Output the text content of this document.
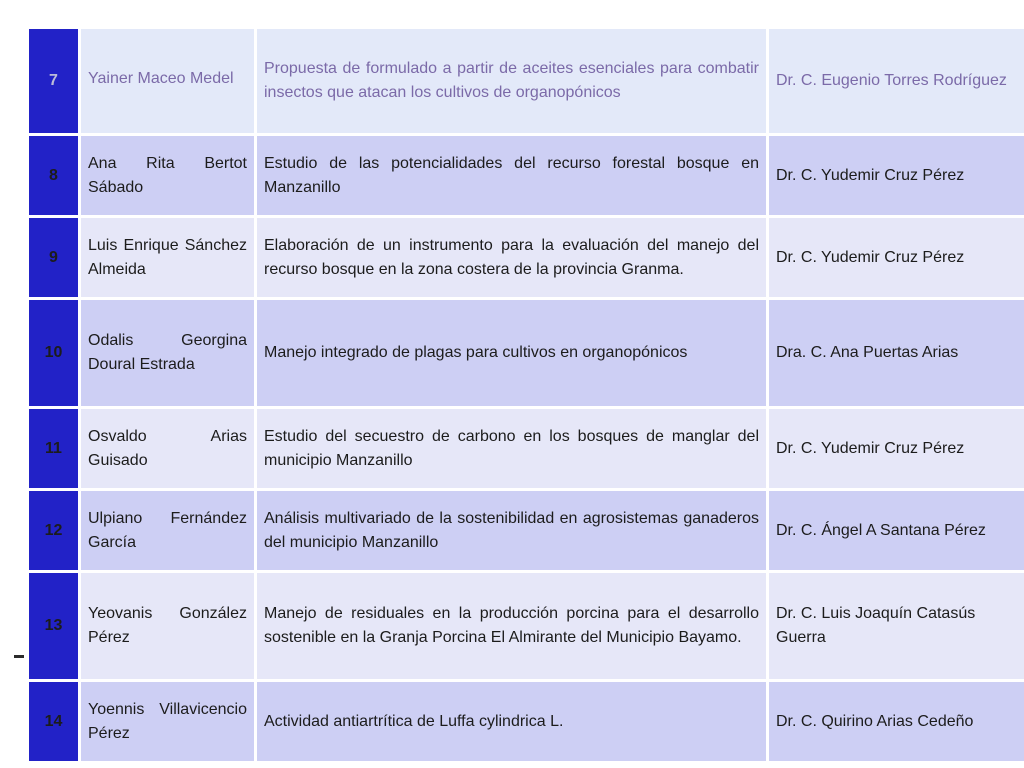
7	Yainer Maceo Medel	Propuesta de formulado a partir de aceites esenciales para combatir insectos que atacan los cultivos de organopónicos	Dr. C. Eugenio Torres Rodríguez
8	Ana Rita Bertot Sábado	Estudio de las potencialidades del recurso forestal bosque en Manzanillo	Dr. C. Yudemir Cruz Pérez
9	Luis Enrique Sánchez Almeida	Elaboración de un instrumento para la evaluación del manejo del recurso bosque en la zona costera de la provincia Granma.	Dr. C. Yudemir Cruz Pérez
10	Odalis Georgina Doural Estrada	Manejo integrado de plagas para cultivos en organopónicos	Dra. C. Ana Puertas Arias
11	Osvaldo Arias Guisado	Estudio del secuestro de carbono en los bosques de manglar del municipio Manzanillo	Dr. C. Yudemir Cruz Pérez
12	Ulpiano Fernández García	Análisis multivariado de la sostenibilidad en agrosistemas ganaderos del municipio Manzanillo	Dr. C. Ángel A Santana Pérez
13	Yeovanis González Pérez	Manejo de residuales en la producción porcina para el desarrollo sostenible en la Granja Porcina El Almirante del Municipio Bayamo.	Dr. C. Luis Joaquín Catasús Guerra
14	Yoennis Villavicencio Pérez	Actividad antiartrítica de Luffa cylindrica L.	Dr. C. Quirino Arias Cedeño
